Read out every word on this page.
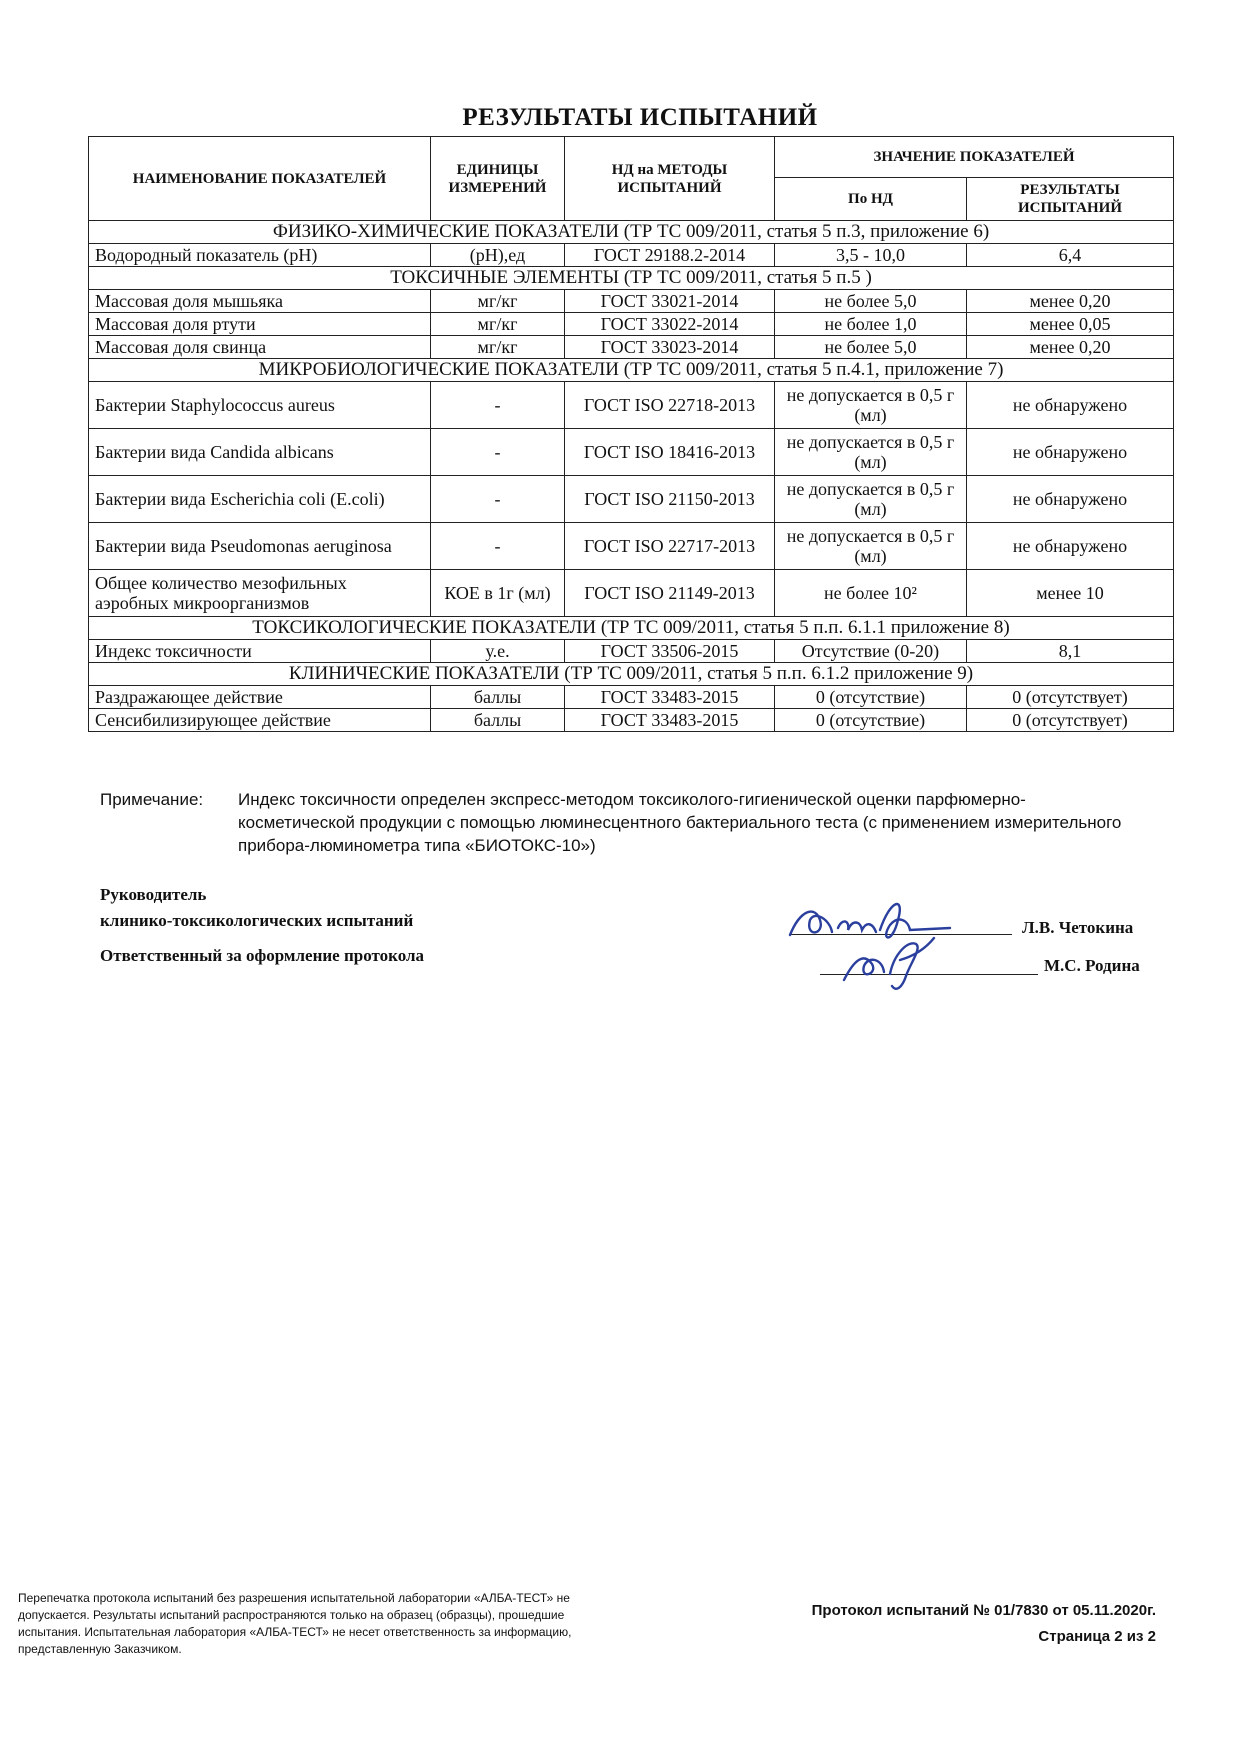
РЕЗУЛЬТАТЫ ИСПЫТАНИЙ
НАИМЕНОВАНИЕ ПОКАЗАТЕЛЕЙ	ЕДИНИЦЫ ИЗМЕРЕНИЙ	НД на МЕТОДЫ ИСПЫТАНИЙ	ЗНАЧЕНИЕ ПОКАЗАТЕЛЕЙ	
			По НД	РЕЗУЛЬТАТЫ ИСПЫТАНИЙ
ФИЗИКО-ХИМИЧЕСКИЕ ПОКАЗАТЕЛИ (ТР ТС 009/2011, статья 5 п.3, приложение 6)				
Водородный показатель (рН)	(рН),ед	ГОСТ 29188.2-2014	3,5 - 10,0	6,4
ТОКСИЧНЫЕ ЭЛЕМЕНТЫ (ТР ТС 009/2011, статья 5 п.5 )				
Массовая доля мышьяка	мг/кг	ГОСТ 33021-2014	не более 5,0	менее 0,20
Массовая доля ртути	мг/кг	ГОСТ 33022-2014	не более 1,0	менее 0,05
Массовая доля свинца	мг/кг	ГОСТ 33023-2014	не более 5,0	менее 0,20
МИКРОБИОЛОГИЧЕСКИЕ ПОКАЗАТЕЛИ (ТР ТС 009/2011, статья 5 п.4.1, приложение 7)				
Бактерии Staphylococcus aureus	-	ГОСТ ISO 22718-2013	не допускается в 0,5 г (мл)	не обнаружено
Бактерии вида Candida albicans	-	ГОСТ ISO 18416-2013	не допускается в 0,5 г (мл)	не обнаружено
Бактерии вида Escherichia coli (E.coli)	-	ГОСТ ISO 21150-2013	не допускается в 0,5 г (мл)	не обнаружено
Бактерии вида Pseudomonas aeruginosa	-	ГОСТ ISO 22717-2013	не допускается в 0,5 г (мл)	не обнаружено
Общее количество мезофильных аэробных микроорганизмов	КОЕ в 1г (мл)	ГОСТ ISO 21149-2013	не более 10²	менее 10
ТОКСИКОЛОГИЧЕСКИЕ ПОКАЗАТЕЛИ (ТР ТС 009/2011, статья 5 п.п. 6.1.1 приложение 8)				
Индекс токсичности	у.е.	ГОСТ 33506-2015	Отсутствие (0-20)	8,1
КЛИНИЧЕСКИЕ ПОКАЗАТЕЛИ (ТР ТС 009/2011, статья 5 п.п. 6.1.2 приложение 9)				
Раздражающее действие	баллы	ГОСТ 33483-2015	0 (отсутствие)	0 (отсутствует)
Сенсибилизирующее действие	баллы	ГОСТ 33483-2015	0 (отсутствие)	0 (отсутствует)
Примечание: Индекс токсичности определен экспресс-методом токсиколого-гигиенической оценки парфюмерно-косметической продукции с помощью люминесцентного бактериального теста (с применением измерительного прибора-люминометра типа «БИОТОКС-10»)
Руководитель
клинико-токсикологических испытаний	Л.В. Четокина
Ответственный за оформление протокола
М.С. Родина
Перепечатка протокола испытаний без разрешения испытательной лаборатории «АЛБА-ТЕСТ» не допускается. Результаты испытаний распространяются только на образец (образцы), прошедшие испытания. Испытательная лаборатория «АЛБА-ТЕСТ» не несет ответственность за информацию, представленную Заказчиком.
Протокол испытаний № 01/7830 от 05.11.2020г.
Страница 2 из 2
